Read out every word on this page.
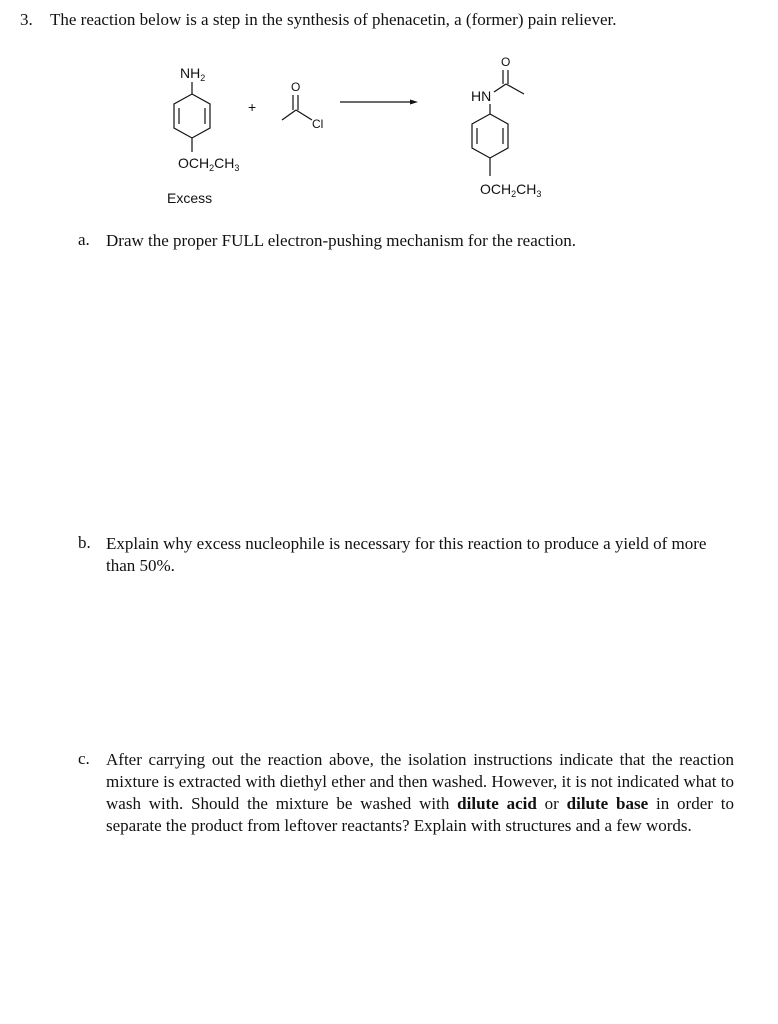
3. The reaction below is a step in the synthesis of phenacetin, a (former) pain reliever.
$NH_2$
$OCH_2CH_3$
Excess
+
O
Cl
O
HN
$OCH_2CH_3$
a. Draw the proper FULL electron-pushing mechanism for the reaction.
b. Explain why excess nucleophile is necessary for this reaction to produce a yield of more than 50%.
c. After carrying out the reaction above, the isolation instructions indicate that the reaction mixture is extracted with diethyl ether and then washed. However, it is not indicated what to wash with. Should the mixture be washed with dilute acid or dilute base in order to separate the product from leftover reactants? Explain with structures and a few words.
